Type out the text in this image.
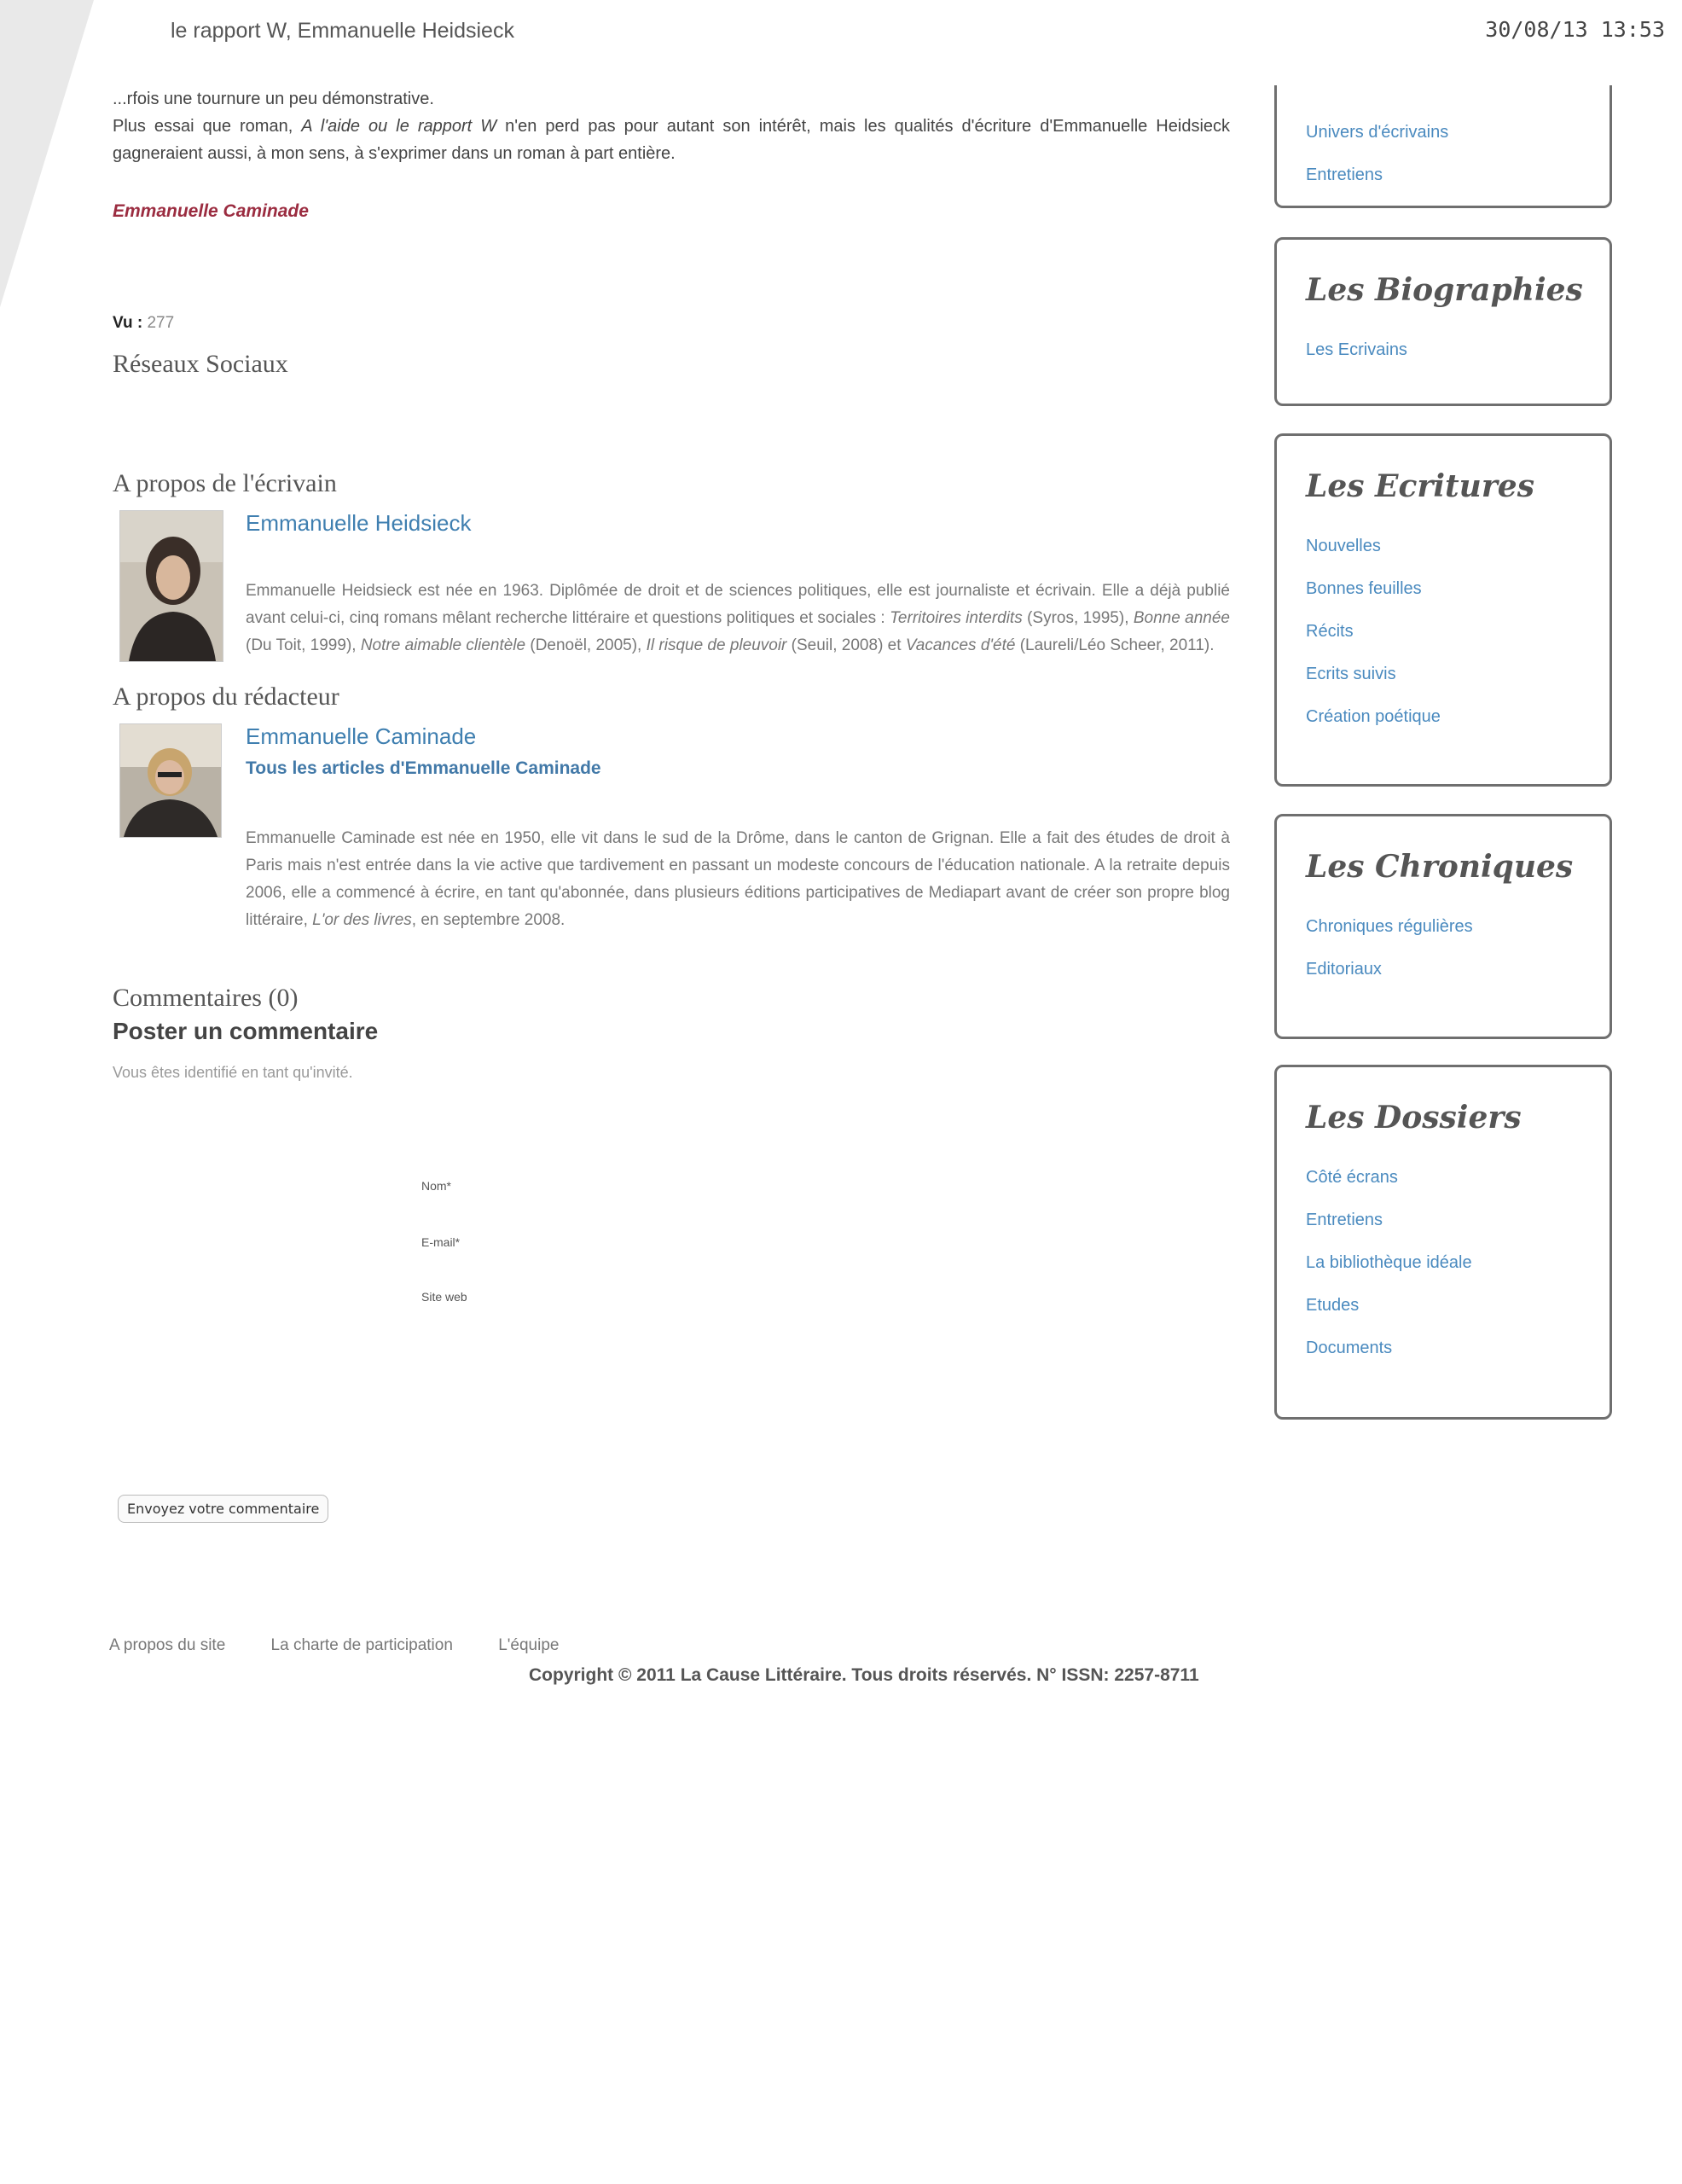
le rapport W, Emmanuelle Heidsieck	30/08/13 13:53

...rfois une tournure un peu démonstrative.

Plus essai que roman, A l'aide ou le rapport W n'en perd pas pour autant son intérêt, mais les qualités d'écriture d'Emmanuelle Heidsieck gagneraient aussi, à mon sens, à s'exprimer dans un roman à part entière.

Emmanuelle Caminade
Vu : 277
Réseaux Sociaux
A propos de l'écrivain
Emmanuelle Heidsieck
Emmanuelle Heidsieck est née en 1963. Diplômée de droit et de sciences politiques, elle est journaliste et écrivain. Elle a déjà publié avant celui-ci, cinq romans mêlant recherche littéraire et questions politiques et sociales : Territoires interdits (Syros, 1995), Bonne année (Du Toit, 1999), Notre aimable clientèle (Denoël, 2005), Il risque de pleuvoir (Seuil, 2008) et Vacances d'été (Laureli/Léo Scheer, 2011).
A propos du rédacteur
Emmanuelle Caminade
Tous les articles d'Emmanuelle Caminade
Emmanuelle Caminade est née en 1950, elle vit dans le sud de la Drôme, dans le canton de Grignan. Elle a fait des études de droit à Paris mais n'est entrée dans la vie active que tardivement en passant un modeste concours de l'éducation nationale. A la retraite depuis 2006, elle a commencé à écrire, en tant qu'abonnée, dans plusieurs éditions participatives de Mediapart avant de créer son propre blog littéraire, L'or des livres, en septembre 2008.
Commentaires (0)
Poster un commentaire
Vous êtes identifié en tant qu'invité.
Nom*
E-mail*
Site web
Envoyez votre commentaire
A propos du site	La charte de participation	L'équipe
Copyright © 2011 La Cause Littéraire. Tous droits réservés. N° ISSN: 2257-8711
Univers d'écrivains
Entretiens
Les Biographies
Les Ecrivains
Les Ecritures
Nouvelles
Bonnes feuilles
Récits
Ecrits suivis
Création poétique
Les Chroniques
Chroniques régulières
Editoriaux
Les Dossiers
Côté écrans
Entretiens
La bibliothèque idéale
Etudes
Documents
